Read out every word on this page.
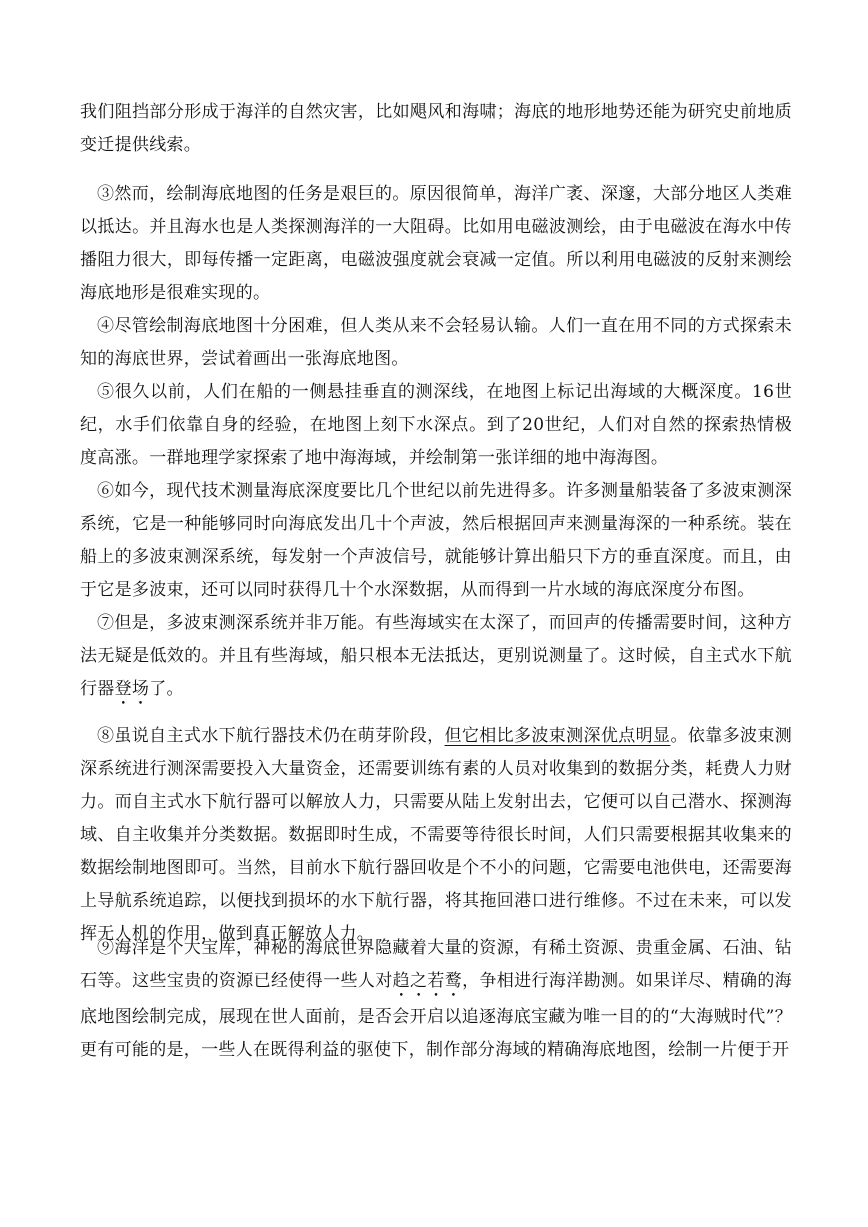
我们阻挡部分形成于海洋的自然灾害，比如飓风和海啸；海底的地形地势还能为研究史前地质变迁提供线索。

③然而，绘制海底地图的任务是艰巨的。原因很简单，海洋广袤、深邃，大部分地区人类难以抵达。并且海水也是人类探测海洋的一大阻碍。比如用电磁波测绘，由于电磁波在海水中传播阻力很大，即每传播一定距离，电磁波强度就会衰减一定值。所以利用电磁波的反射来测绘海底地形是很难实现的。

④尽管绘制海底地图十分困难，但人类从来不会轻易认输。人们一直在用不同的方式探索未知的海底世界，尝试着画出一张海底地图。

⑤很久以前，人们在船的一侧悬挂垂直的测深线，在地图上标记出海域的大概深度。16世纪，水手们依靠自身的经验，在地图上刻下水深点。到了20世纪，人们对自然的探索热情极度高涨。一群地理学家探索了地中海海域，并绘制第一张详细的地中海海图。

⑥如今，现代技术测量海底深度要比几个世纪以前先进得多。许多测量船装备了多波束测深系统，它是一种能够同时向海底发出几十个声波，然后根据回声来测量海深的一种系统。装在船上的多波束测深系统，每发射一个声波信号，就能够计算出船只下方的垂直深度。而且，由于它是多波束，还可以同时获得几十个水深数据，从而得到一片水域的海底深度分布图。

⑦但是，多波束测深系统并非万能。有些海域实在太深了，而回声的传播需要时间，这种方法无疑是低效的。并且有些海域，船只根本无法抵达，更别说测量了。这时候，自主式水下航行器登场了。

⑧虽说自主式水下航行器技术仍在萌芽阶段，但它相比多波束测深优点明显。依靠多波束测深系统进行测深需要投入大量资金，还需要训练有素的人员对收集到的数据分类，耗费人力财力。而自主式水下航行器可以解放人力，只需要从陆上发射出去，它便可以自己潜水、探测海域、自主收集并分类数据。数据即时生成，不需要等待很长时间，人们只需要根据其收集来的数据绘制地图即可。当然，目前水下航行器回收是个不小的问题，它需要电池供电，还需要海上导航系统追踪，以便找到损坏的水下航行器，将其拖回港口进行维修。不过在未来，可以发挥无人机的作用，做到真正解放人力。

⑨海洋是个大宝库，神秘的海底世界隐藏着大量的资源，有稀土资源、贵重金属、石油、钻石等。这些宝贵的资源已经使得一些人对趋之若鹜，争相进行海洋勘测。如果详尽、精确的海底地图绘制完成，展现在世人面前，是否会开启以追逐海底宝藏为唯一目的的“大海贼时代”？更有可能的是，一些人在既得利益的驱使下，制作部分海域的精确海底地图，绘制一片便于开
